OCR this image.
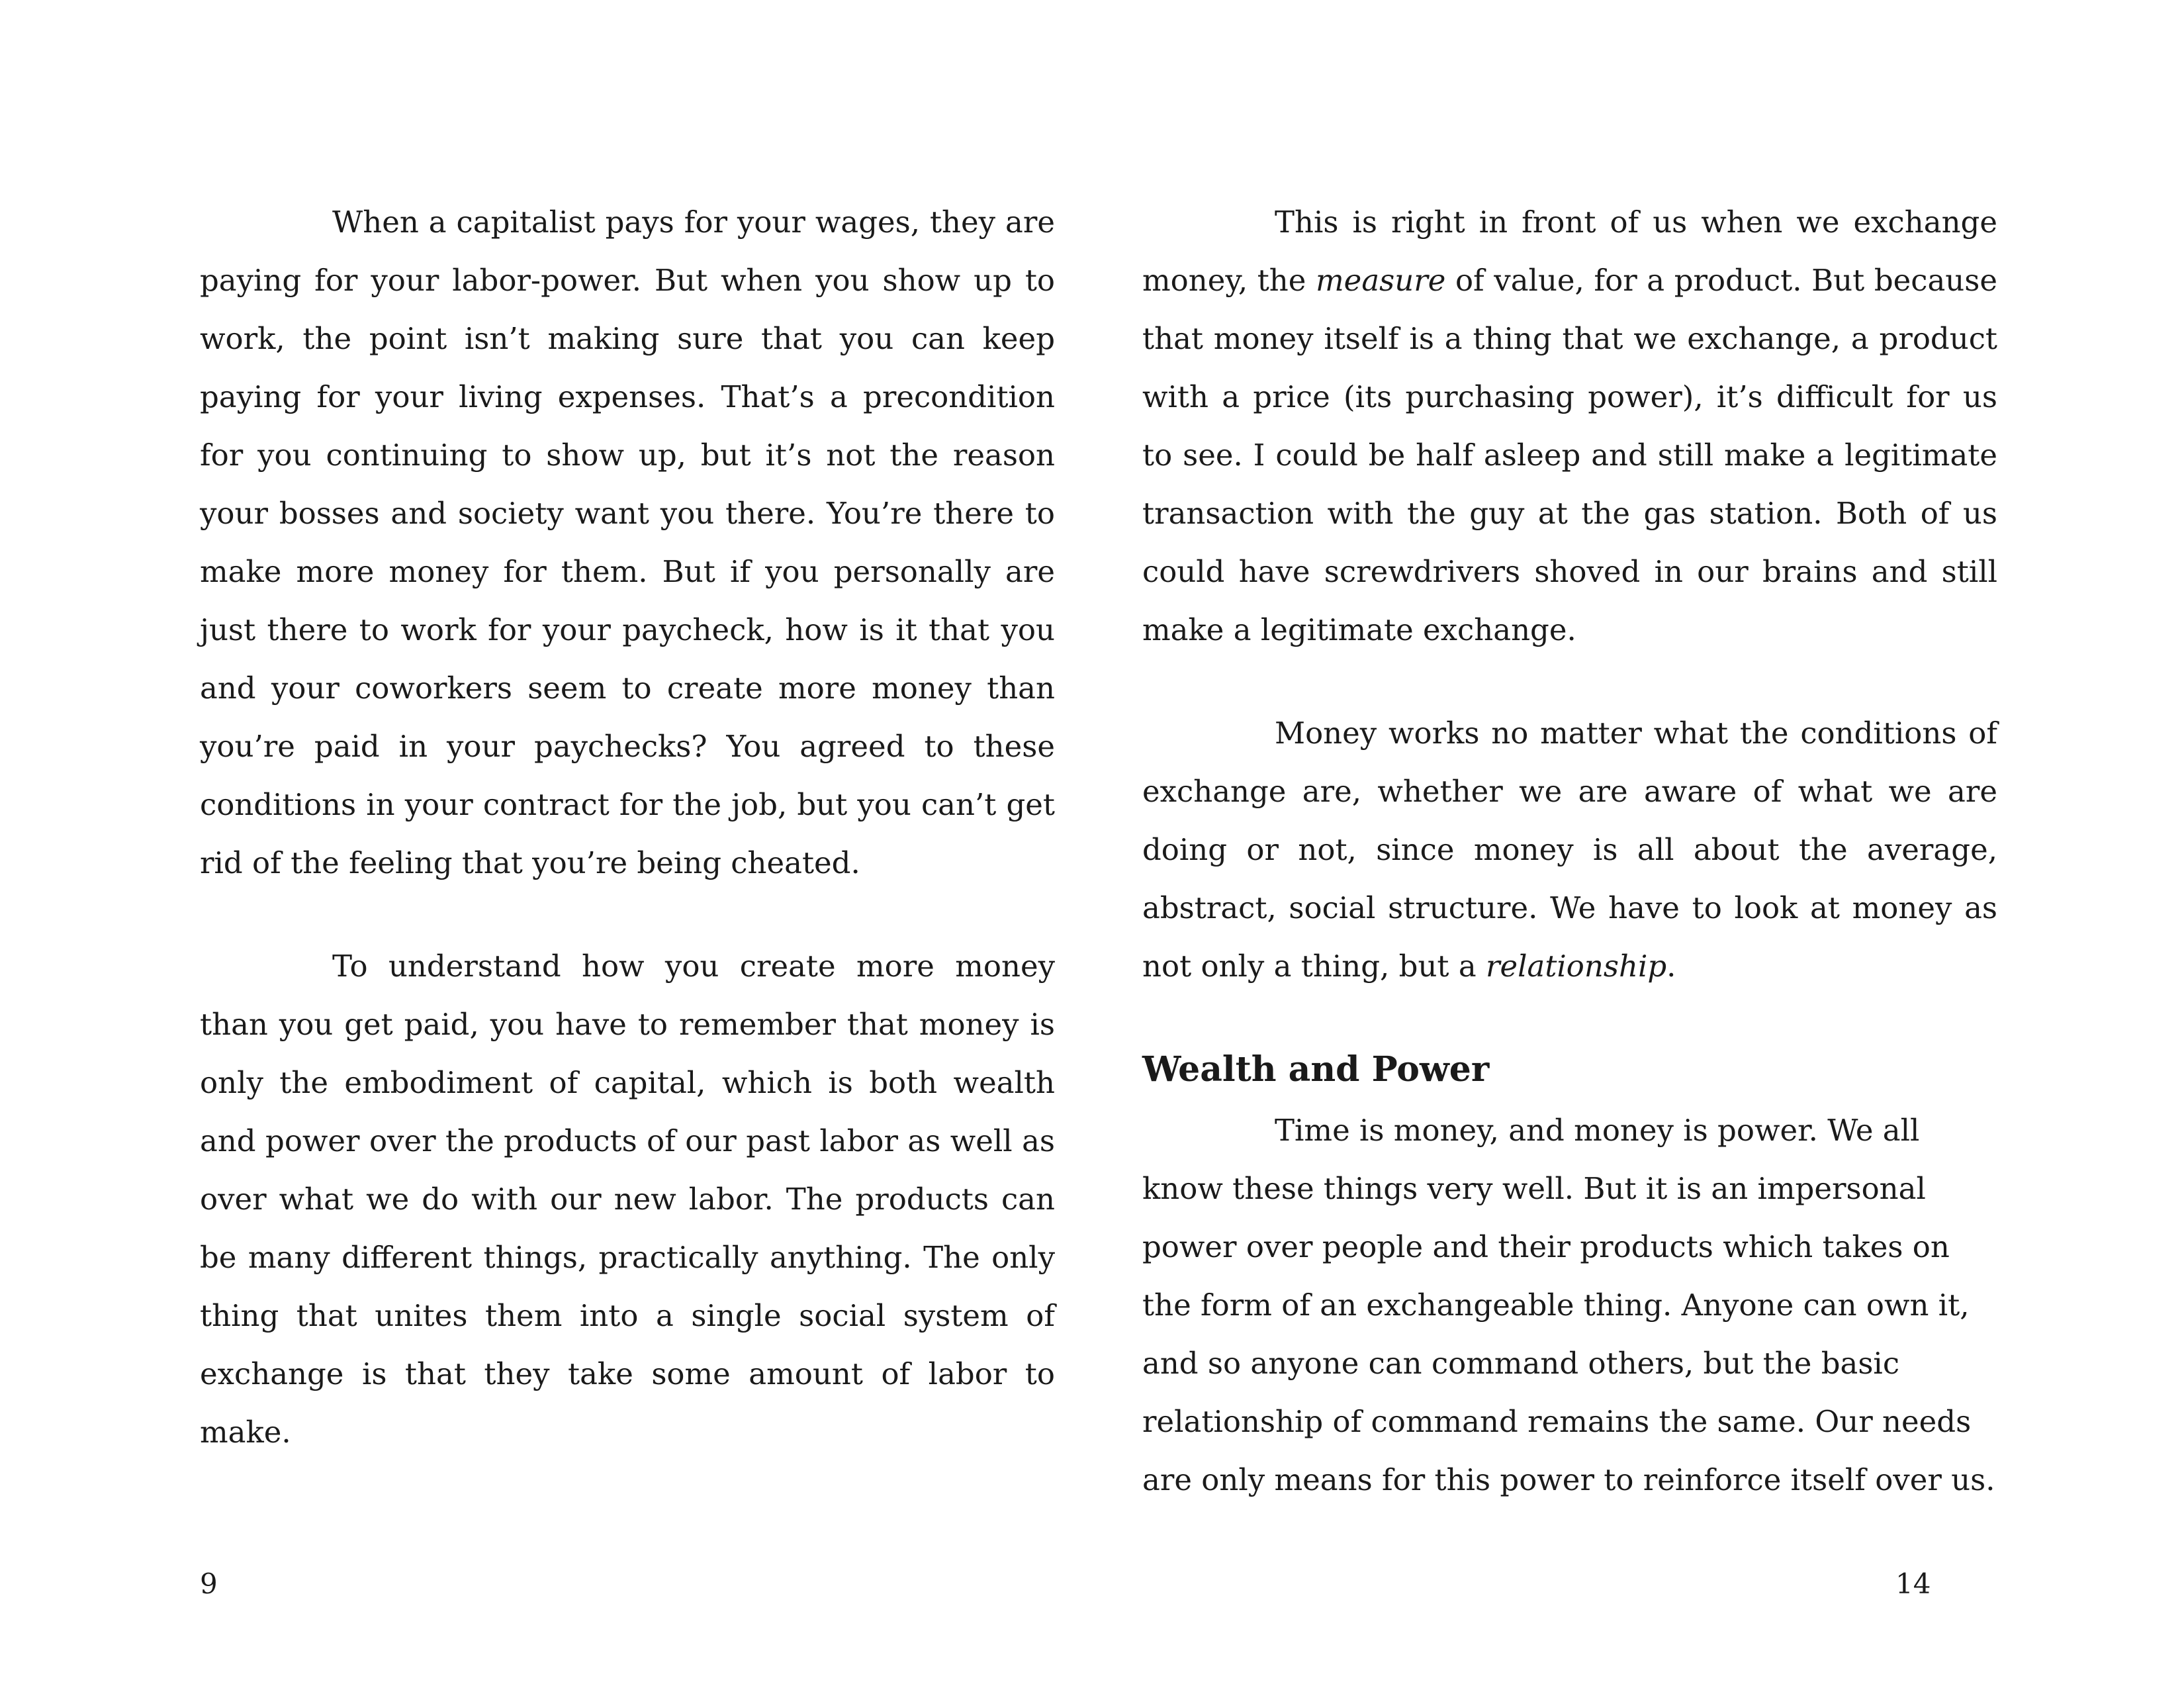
When a capitalist pays for your wages, they are paying for your labor-power. But when you show up to work, the point isn’t making sure that you can keep paying for your living expenses. That’s a precondition for you continuing to show up, but it’s not the reason your bosses and society want you there. You’re there to make more money for them. But if you personally are just there to work for your paycheck, how is it that you and your coworkers seem to create more money than you’re paid in your paychecks? You agreed to these conditions in your contract for the job, but you can’t get rid of the feeling that you’re being cheated.

To understand how you create more money than you get paid, you have to remember that money is only the embodiment of capital, which is both wealth and power over the products of our past labor as well as over what we do with our new labor. The products can be many different things, practically anything. The only thing that unites them into a single social system of exchange is that they take some amount of labor to make.

This is right in front of us when we exchange money, the measure of value, for a product. But because that money itself is a thing that we exchange, a product with a price (its purchasing power), it’s difficult for us to see. I could be half asleep and still make a legitimate transaction with the guy at the gas station. Both of us could have screwdrivers shoved in our brains and still make a legitimate exchange.

Money works no matter what the conditions of exchange are, whether we are aware of what we are doing or not, since money is all about the average, abstract, social structure. We have to look at money as not only a thing, but a relationship.

Wealth and Power

Time is money, and money is power. We all know these things very well. But it is an impersonal power over people and their products which takes on the form of an exchangeable thing. Anyone can own it, and so anyone can command others, but the basic relationship of command remains the same. Our needs are only means for this power to reinforce itself over us.

9	14
